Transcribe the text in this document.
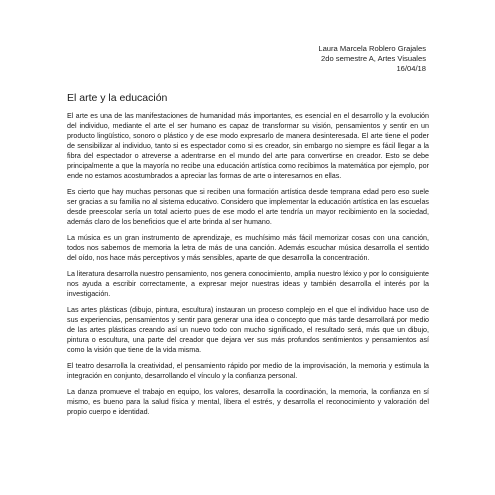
Laura Marcela Roblero Grajales
2do semestre A, Artes Visuales
16/04/18
El arte y la educación

El arte es una de las manifestaciones de humanidad más importantes, es esencial en el desarrollo y la evolución del individuo, mediante el arte el ser humano es capaz de transformar su visión, pensamientos y sentir en un producto lingüístico, sonoro o plástico y de ese modo expresarlo de manera desinteresada. El arte tiene el poder de sensibilizar al individuo, tanto si es espectador como si es creador, sin embargo no siempre es fácil llegar a la fibra del espectador o atreverse a adentrarse en el mundo del arte para convertirse en creador. Esto se debe principalmente a que la mayoría no recibe una educación artística como recibimos la matemática por ejemplo, por ende no estamos acostumbrados a apreciar las formas de arte o interesarnos en ellas.

Es cierto que hay muchas personas que si reciben una formación artística desde temprana edad pero eso suele ser gracias a su familia no al sistema educativo. Considero que implementar la educación artística en las escuelas desde preescolar sería un total acierto pues de ese modo el arte tendría un mayor recibimiento en la sociedad, además claro de los beneficios que el arte brinda al ser humano.

La música es un gran instrumento de aprendizaje, es muchísimo más fácil memorizar cosas con una canción, todos nos sabemos de memoria la letra de más de una canción. Además escuchar música desarrolla el sentido del oído, nos hace más perceptivos y más sensibles, aparte de que desarrolla la concentración.

La literatura desarrolla nuestro pensamiento, nos genera conocimiento, amplia nuestro léxico y por lo consiguiente nos ayuda a escribir correctamente, a expresar mejor nuestras ideas y también desarrolla el interés por la investigación.

Las artes plásticas (dibujo, pintura, escultura) instauran un proceso complejo en el que el individuo hace uso de sus experiencias, pensamientos y sentir para generar una idea o concepto que más tarde desarrollará por medio de las artes plásticas creando así un nuevo todo con mucho significado, el resultado será, más que un dibujo, pintura o escultura, una parte del creador que dejara ver sus más profundos sentimientos y pensamientos así como la visión que tiene de la vida misma.

El teatro desarrolla la creatividad, el pensamiento rápido por medio de la improvisación, la memoria y estimula la integración en conjunto, desarrollando el vínculo y la confianza personal.

La danza promueve el trabajo en equipo, los valores, desarrolla la coordinación, la memoria, la confianza en sí mismo, es bueno para la salud física y mental, libera el estrés, y desarrolla el reconocimiento y valoración del propio cuerpo e identidad.
